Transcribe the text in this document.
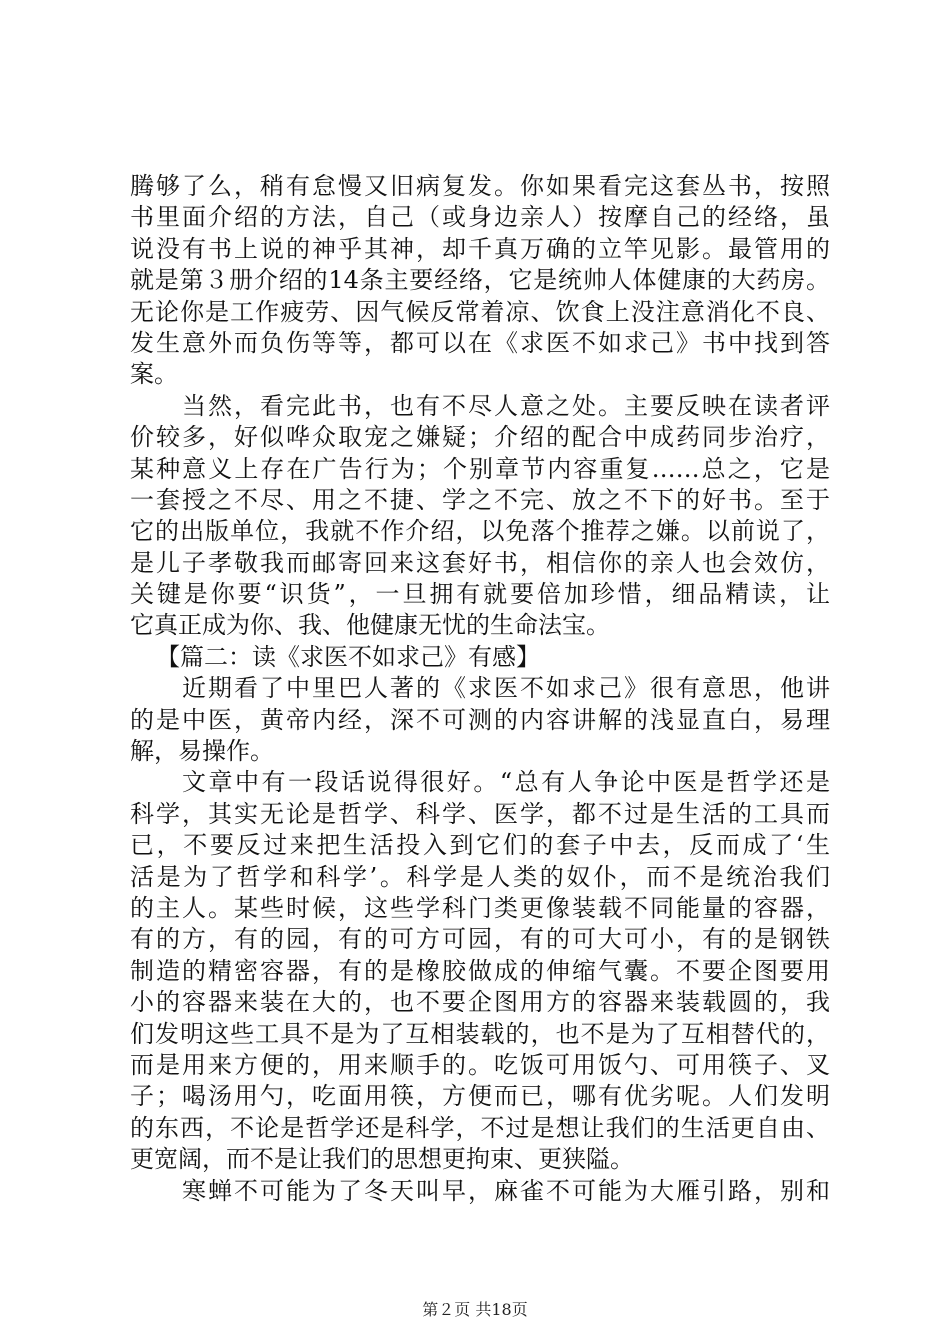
腾够了么，稍有怠慢又旧病复发。你如果看完这套丛书，按照
书里面介绍的方法，自己（或身边亲人）按摩自己的经络，虽
说没有书上说的神乎其神，却千真万确的立竿见影。最管用的
就是第３册介绍的14条主要经络，它是统帅人体健康的大药房。
无论你是工作疲劳、因气候反常着凉、饮食上没注意消化不良、
发生意外而负伤等等，都可以在《求医不如求己》书中找到答
案。
当然，看完此书，也有不尽人意之处。主要反映在读者评
价较多，好似哗众取宠之嫌疑；介绍的配合中成药同步治疗，
某种意义上存在广告行为；个别章节内容重复……总之，它是
一套授之不尽、用之不捷、学之不完、放之不下的好书。至于
它的出版单位，我就不作介绍，以免落个推荐之嫌。以前说了，
是儿子孝敬我而邮寄回来这套好书，相信你的亲人也会效仿，
关键是你要“识货”，一旦拥有就要倍加珍惜，细品精读，让
它真正成为你、我、他健康无忧的生命法宝。
【篇二：读《求医不如求己》有感】
近期看了中里巴人著的《求医不如求己》很有意思，他讲
的是中医，黄帝内经，深不可测的内容讲解的浅显直白，易理
解，易操作。
文章中有一段话说得很好。“总有人争论中医是哲学还是
科学，其实无论是哲学、科学、医学，都不过是生活的工具而
已，不要反过来把生活投入到它们的套子中去，反而成了‘生
活是为了哲学和科学’。科学是人类的奴仆，而不是统治我们
的主人。某些时候，这些学科门类更像装载不同能量的容器，
有的方，有的园，有的可方可园，有的可大可小，有的是钢铁
制造的精密容器，有的是橡胶做成的伸缩气囊。不要企图要用
小的容器来装在大的，也不要企图用方的容器来装载圆的，我
们发明这些工具不是为了互相装载的，也不是为了互相替代的，
而是用来方便的，用来顺手的。吃饭可用饭勺、可用筷子、叉
子；喝汤用勺，吃面用筷，方便而已，哪有优劣呢。人们发明
的东西，不论是哲学还是科学，不过是想让我们的生活更自由、
更宽阔，而不是让我们的思想更拘束、更狭隘。
寒蝉不可能为了冬天叫早，麻雀不可能为大雁引路，别和
第２页 共18页
